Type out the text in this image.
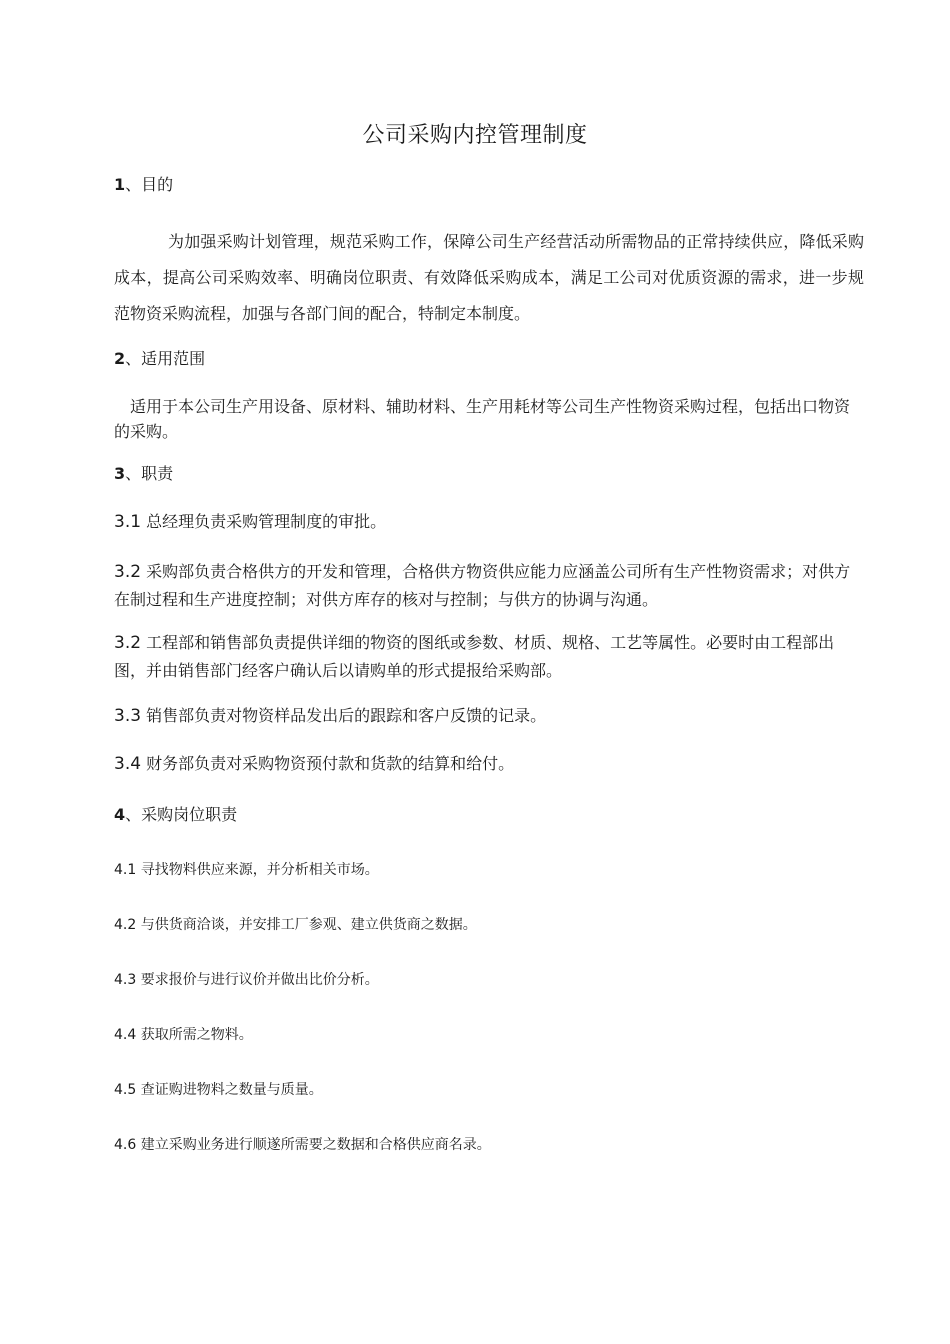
公司采购内控管理制度
1、目的
为加强采购计划管理，规范采购工作，保障公司生产经营活动所需物品的正常持续供应，降低采购成本，提高公司采购效率、明确岗位职责、有效降低采购成本，满足工公司对优质资源的需求，进一步规范物资采购流程，加强与各部门间的配合，特制定本制度。
2、适用范围
适用于本公司生产用设备、原材料、辅助材料、生产用耗材等公司生产性物资采购过程，包括出口物资的采购。
3、职责
3.1 总经理负责采购管理制度的审批。
3.2 采购部负责合格供方的开发和管理，合格供方物资供应能力应涵盖公司所有生产性物资需求；对供方在制过程和生产进度控制；对供方库存的核对与控制；与供方的协调与沟通。
3.2 工程部和销售部负责提供详细的物资的图纸或参数、材质、规格、工艺等属性。必要时由工程部出图，并由销售部门经客户确认后以请购单的形式提报给采购部。
3.3 销售部负责对物资样品发出后的跟踪和客户反馈的记录。
3.4 财务部负责对采购物资预付款和货款的结算和给付。
4、采购岗位职责
4.1 寻找物料供应来源，并分析相关市场。
4.2 与供货商洽谈，并安排工厂参观、建立供货商之数据。
4.3 要求报价与进行议价并做出比价分析。
4.4 获取所需之物料。
4.5 查证购进物料之数量与质量。
4.6 建立采购业务进行顺遂所需要之数据和合格供应商名录。
